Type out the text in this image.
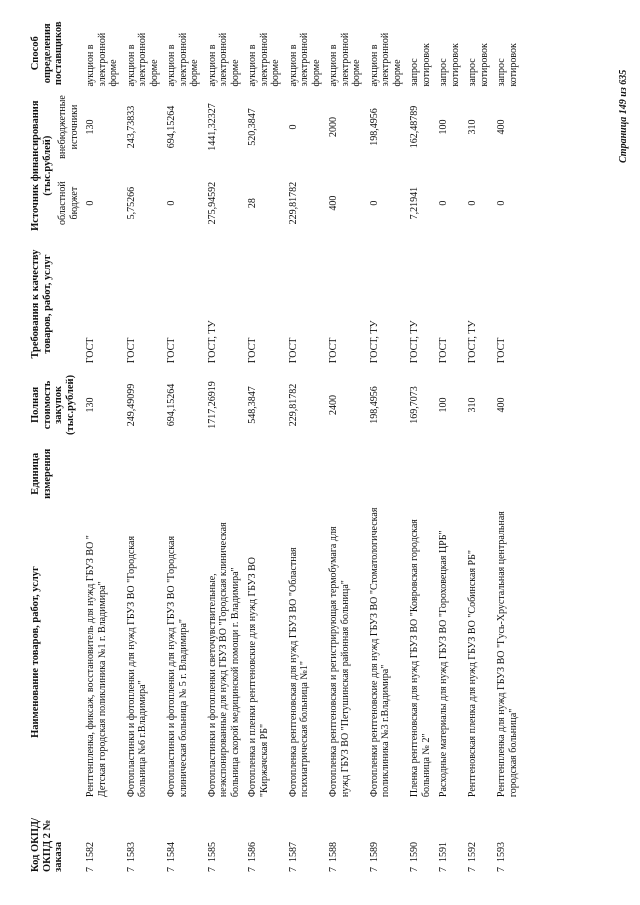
Код ОКПД/ ОКПД 2 № заказа	Наименование товаров, работ, услуг	Единица измерения	Полная стоимость закупок (тыс.рублей)	Требования к качеству товаров, работ, услуг	Источник финансирования (тыс.рублей)		Способ определения поставщиков
					областной бюджет	внебюджетные источники	
7  1582	Рентгенпленка, фиксаж, восстановитель для нужд ГБУЗ ВО " Детская городская поликлиника №1 г. Владимира"		130	ГОСТ	0	130	аукцион в электронной форме
7  1583	Фотопластинки и фотопленки для нужд ГБУЗ ВО "Городская больница №6 г.Владимира"		249,49099	ГОСТ	5,75266	243,73833	аукцион в электронной форме
7  1584	Фотопластинки и фотопленки для нужд ГБУЗ ВО "Городская клиническая больница № 5 г. Владимира"		694,15264	ГОСТ	0	694,15264	аукцион в электронной форме
7  1585	Фотопластинки и фотопленки светочувствительные, неэкспонированные для нужд ГБУЗ ВО "Городская клиническая больница скорой медицинской помощи г. Владимира"		1717,26919	ГОСТ, ТУ	275,94592	1441,32327	аукцион в электронной форме
7  1586	Фотопленка и пленки рентгеновские для нужд ГБУЗ ВО "Киржачская РБ"		548,3847	ГОСТ	28	520,3847	аукцион в электронной форме
7  1587	Фотопленка рентгеновская для нужд ГБУЗ ВО "Областная психиатрическая больница №1"		229,81782	ГОСТ	229,81782	0	аукцион в электронной форме
7  1588	Фотопленка рентгеновская и регистрирующая термобумага для нужд ГБУЗ ВО "Петушинская районная больница"		2400	ГОСТ	400	2000	аукцион в электронной форме
7  1589	Фотопленки рентгеновские для нужд ГБУЗ ВО "Стоматологическая поликлиника №3 г.Владимира"		198,4956	ГОСТ, ТУ	0	198,4956	аукцион в электронной форме
7  1590	Пленка рентгеновская для нужд ГБУЗ ВО "Ковровская городская больница № 2"		169,7073	ГОСТ, ТУ	7,21941	162,48789	запрос котировок
7  1591	Расходные материалы для нужд ГБУЗ ВО "Гороховецкая ЦРБ"		100	ГОСТ	0	100	запрос котировок
7  1592	Рентгеновская пленка для нужд ГБУЗ ВО "Собинская РБ"		310	ГОСТ, ТУ	0	310	запрос котировок
7  1593	Рентгенпленка для нужд ГБУЗ ВО "Гусь-Хрустальная центральная городская больница"		400	ГОСТ	0	400	запрос котировок
Страница 149 из 635
